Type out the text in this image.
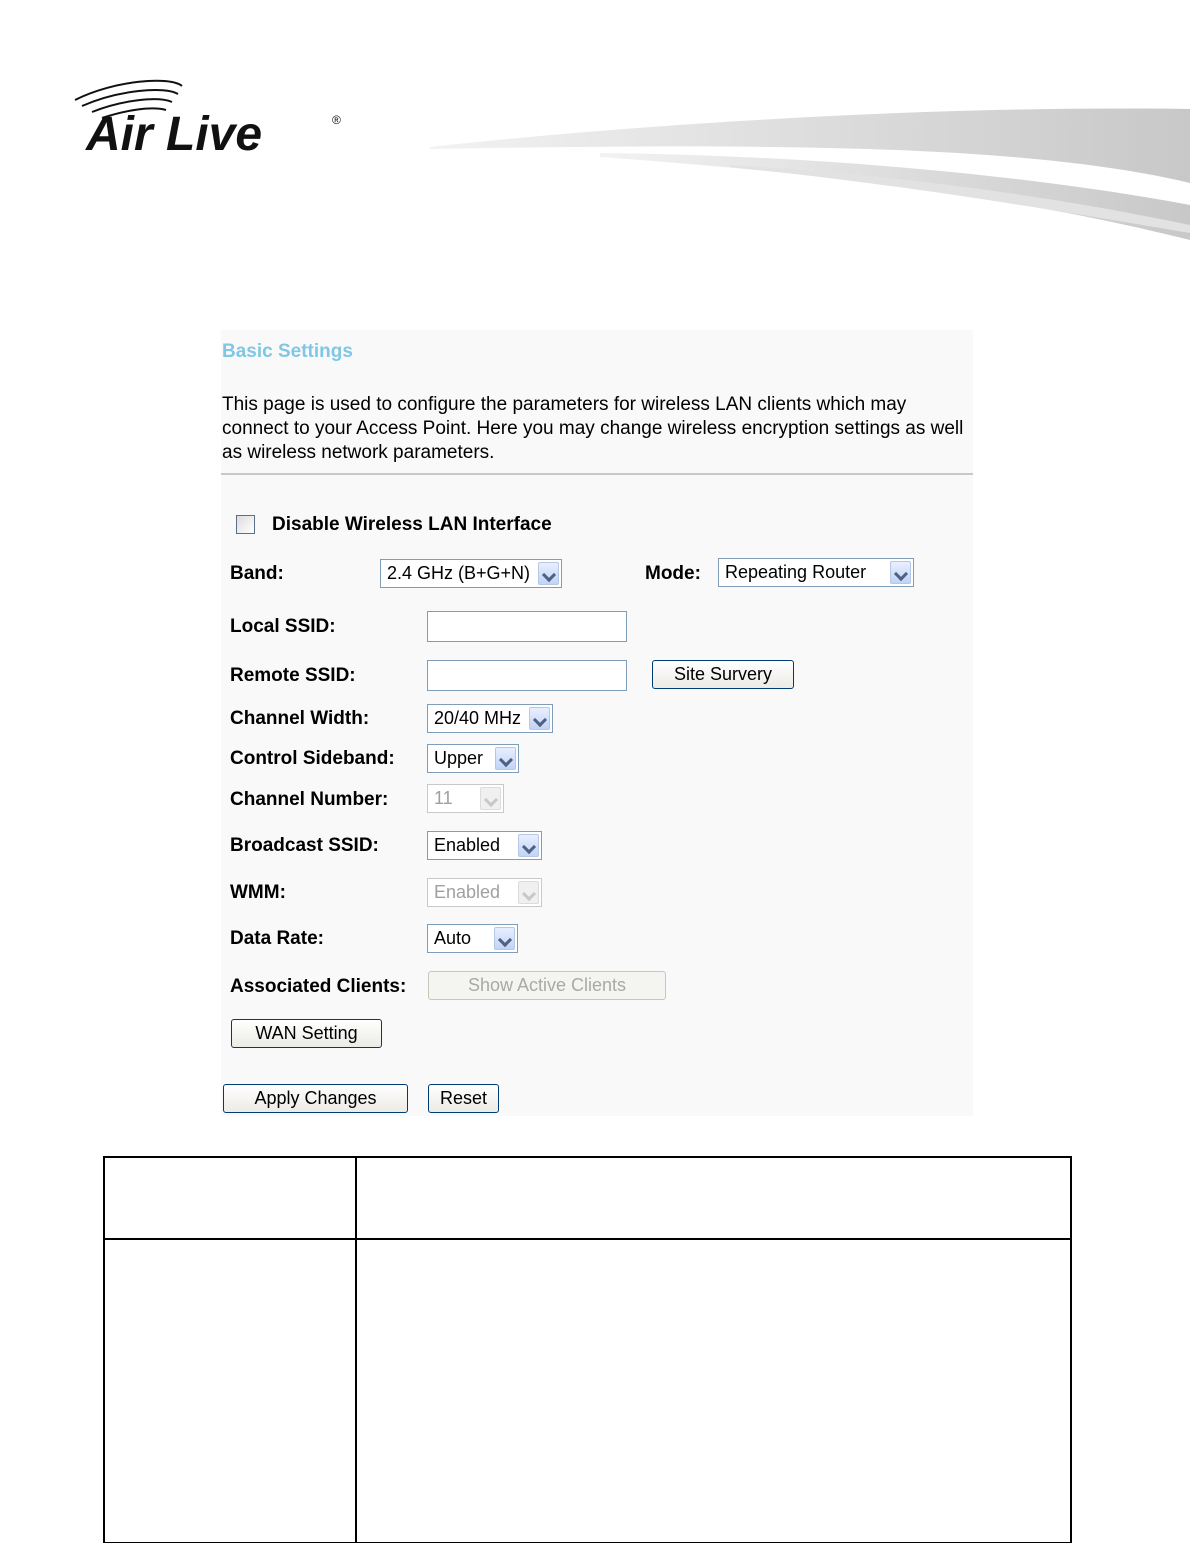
Air Live	®
Basic Settings
This page is used to configure the parameters for wireless LAN clients which may connect to your Access Point. Here you may change wireless encryption settings as well as wireless network parameters.
Disable Wireless LAN Interface
Band:	2.4 GHz (B+G+N)	Mode:	Repeating Router
Local SSID:
Remote SSID:	Site Survery
Channel Width:	20/40 MHz
Control Sideband:	Upper
Channel Number:	11
Broadcast SSID:	Enabled
WMM:	Enabled
Data Rate:	Auto
Associated Clients:	Show Active Clients
WAN Setting
Apply Changes	Reset
